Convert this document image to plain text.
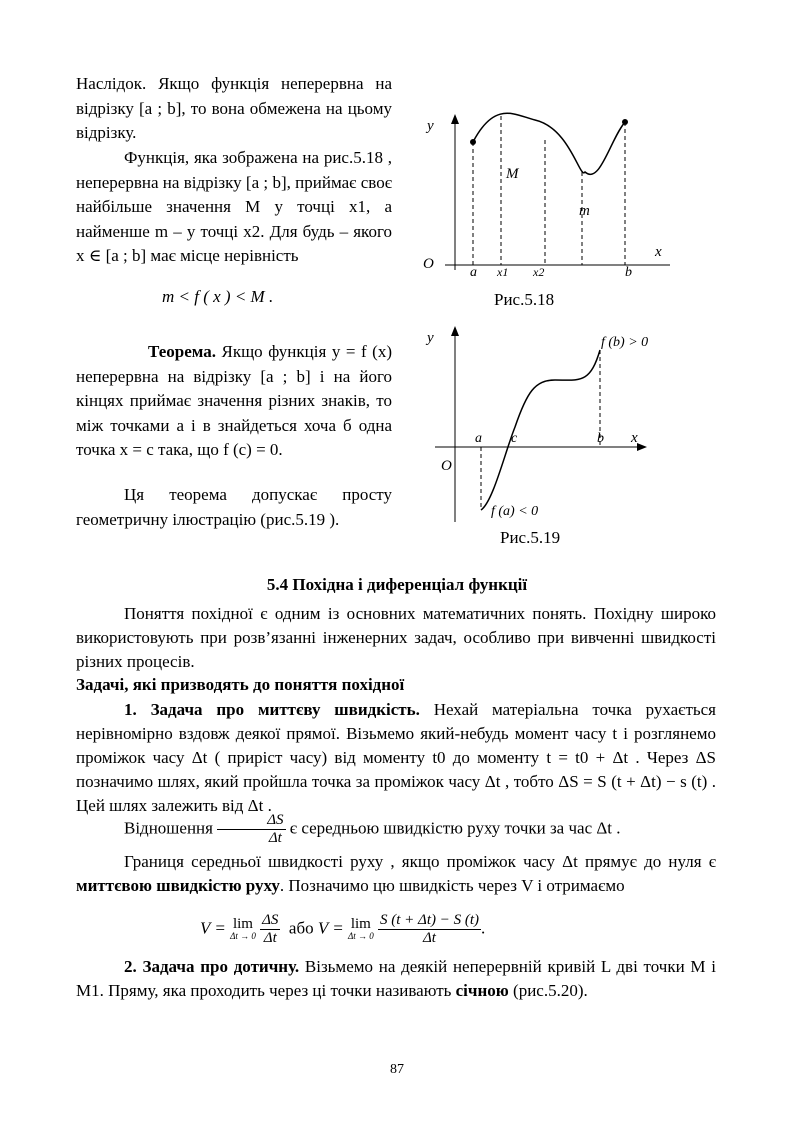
Наслідок. Якщо функція неперервна на відрізку [a ; b], то вона обмежена на цьому відрізку.
Функція, яка зображена на рис.5.18 , неперервна на відрізку [a ; b], приймає своє найбільше значення M у точці x1, а найменше m – у точці x2. Для будь – якого x ∈ [a ; b] має місце нерівність
m < f ( x ) < M .
y
x
O
a x1 x2	b
M
m
Рис.5.18
Теорема. Якщо функція y = f (x) неперервна на відрізку [a ; b] і на його кінцях приймає значення різних знаків, то між точками a і в знайдеться хоча б одна точка x = c така, що f (c) = 0.
Ця теорема допускає просту геометричну ілюстрацію (рис.5.19 ).
y
x
O
a c	b
f (b) > 0
f (a) < 0
Рис.5.19
5.4 Похідна і диференціал функції
Поняття похідної є одним із основних математичних понять. Похідну широко використовують при розв’язанні інженерних задач, особливо при вивченні швидкості різних процесів.
Задачі, які призводять до поняття похідної
1. Задача про миттєву швидкість. Нехай матеріальна точка рухається нерівномірно вздовж деякої прямої. Візьмемо який-небудь момент часу t і розглянемо проміжок часу Δt ( приріст часу) від моменту t0 до моменту t = t0 + Δt . Через ΔS позначимо шлях, який пройшла точка за проміжок часу Δt , тобто ΔS = S (t + Δt) − s (t) . Цей шлях залежить від Δt .
Відношення $\frac{\Delta S}{\Delta t}$ є середньою швидкістю руху точки за час Δt .
Границя середньої швидкості руху , якщо проміжок часу Δt прямує до нуля є миттєвою швидкістю руху. Позначимо цю швидкість через V і отримаємо
V = lim
Δt → 0
$\frac{\Delta S}{\Delta t}$ або V = lim
Δt → 0
$\frac{S (t + \Delta t) - S (t)}{\Delta t}$ .
2. Задача про дотичну. Візьмемо на деякій неперервній кривій L дві точки M і M1. Пряму, яка проходить через ці точки називають січною (рис.5.20).
87
